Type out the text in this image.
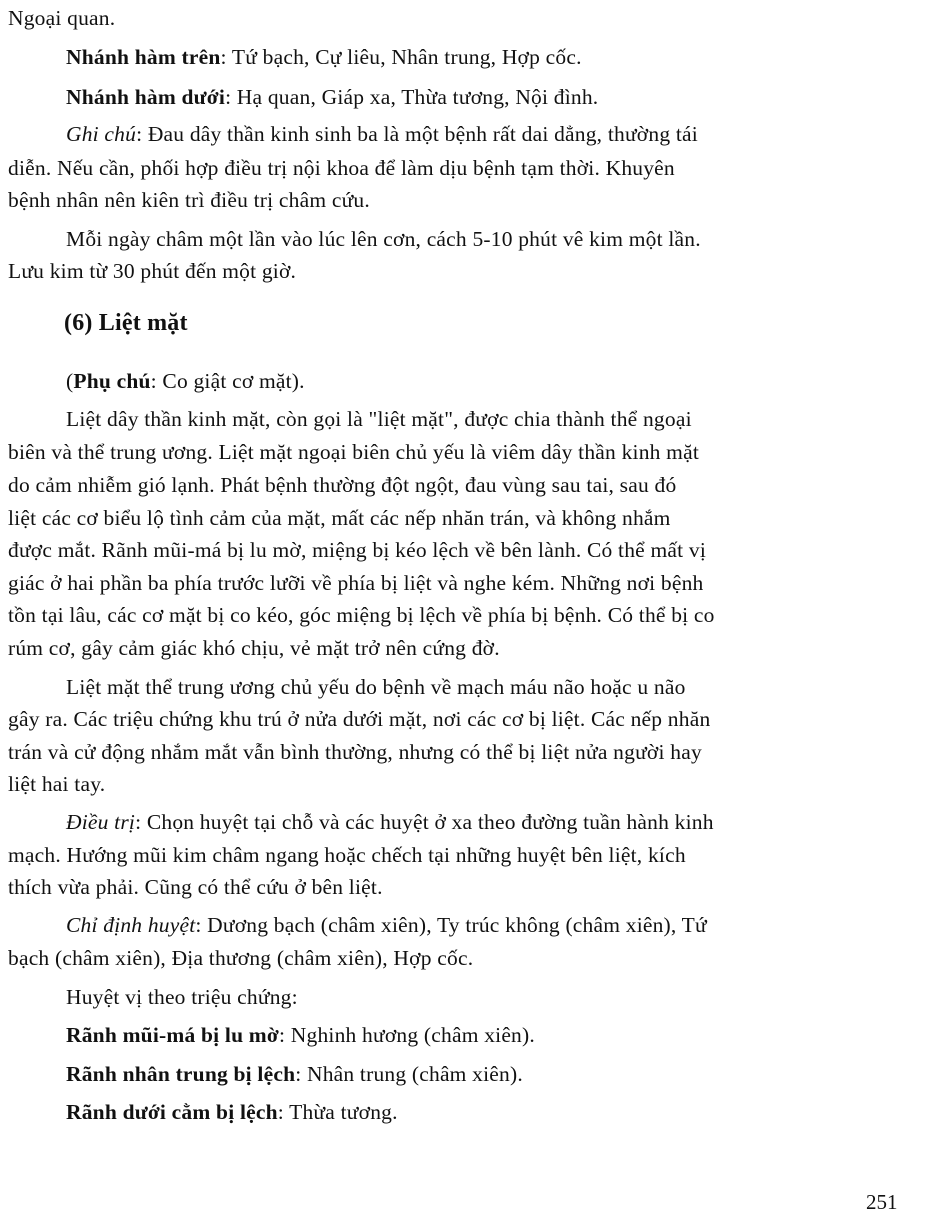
Ngoại quan.

Nhánh hàm trên: Tứ bạch, Cự liêu, Nhân trung, Hợp cốc.

Nhánh hàm dưới: Hạ quan, Giáp xa, Thừa tương, Nội đình.

Ghi chú: Đau dây thần kinh sinh ba là một bệnh rất dai dẳng, thường tái

diễn. Nếu cần, phối hợp điều trị nội khoa để làm dịu bệnh tạm thời. Khuyên

bệnh nhân nên kiên trì điều trị châm cứu.

Mỗi ngày châm một lần vào lúc lên cơn, cách 5-10 phút vê kim một lần.

Lưu kim từ 30 phút đến một giờ.

(6) Liệt mặt

(Phụ chú: Co giật cơ mặt).

Liệt dây thần kinh mặt, còn gọi là "liệt mặt", được chia thành thể ngoại

biên và thể trung ương. Liệt mặt ngoại biên chủ yếu là viêm dây thần kinh mặt

do cảm nhiễm gió lạnh. Phát bệnh thường đột ngột, đau vùng sau tai, sau đó

liệt các cơ biểu lộ tình cảm của mặt, mất các nếp nhăn trán, và không nhắm

được mắt. Rãnh mũi-má bị lu mờ, miệng bị kéo lệch về bên lành. Có thể mất vị

giác ở hai phần ba phía trước lưỡi về phía bị liệt và nghe kém. Những nơi bệnh

tồn tại lâu, các cơ mặt bị co kéo, góc miệng bị lệch về phía bị bệnh. Có thể bị co

rúm cơ, gây cảm giác khó chịu, vẻ mặt trở nên cứng đờ.

Liệt mặt thể trung ương chủ yếu do bệnh về mạch máu não hoặc u não

gây ra. Các triệu chứng khu trú ở nửa dưới mặt, nơi các cơ bị liệt. Các nếp nhăn

trán và cử động nhắm mắt vẫn bình thường, nhưng có thể bị liệt nửa người hay

liệt hai tay.

Điều trị: Chọn huyệt tại chỗ và các huyệt ở xa theo đường tuần hành kinh

mạch. Hướng mũi kim châm ngang hoặc chếch tại những huyệt bên liệt, kích

thích vừa phải. Cũng có thể cứu ở bên liệt.

Chỉ định huyệt: Dương bạch (châm xiên), Ty trúc không (châm xiên), Tứ

bạch (châm xiên), Địa thương (châm xiên), Hợp cốc.

Huyệt vị theo triệu chứng:

Rãnh mũi-má bị lu mờ: Nghinh hương (châm xiên).

Rãnh nhân trung bị lệch: Nhân trung (châm xiên).

Rãnh dưới cằm bị lệch: Thừa tương.

251
